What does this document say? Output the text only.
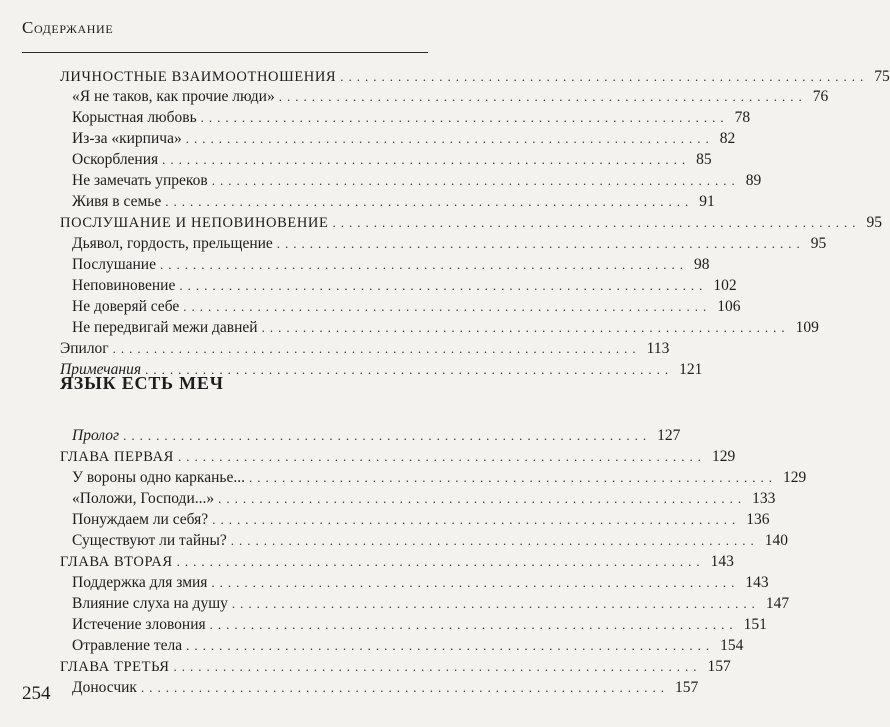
Содержание
ЛИЧНОСТНЫЕ ВЗАИМООТНОШЕНИЯ ................................................................ 75
«Я не таков, как прочие люди» ................................................................ 76
Корыстная любовь ................................................................ 78
Из-за «кирпича» ................................................................ 82
Оскорбления ................................................................ 85
Не замечать упреков ................................................................ 89
Живя в семье ................................................................ 91
ПОСЛУШАНИЕ И НЕПОВИНОВЕНИЕ ................................................................ 95
Дьявол, гордость, прельщение ................................................................ 95
Послушание ................................................................ 98
Неповиновение ................................................................ 102
Не доверяй себе ................................................................ 106
Не передвигай межи давней ................................................................ 109
Эпилог ................................................................ 113
Примечания ................................................................ 121
ЯЗЫК ЕСТЬ МЕЧ
Пролог ................................................................ 127
ГЛАВА ПЕРВАЯ ................................................................ 129
У вороны одно карканье... ................................................................ 129
«Положи, Господи...» ................................................................ 133
Понуждаем ли себя? ................................................................ 136
Существуют ли тайны? ................................................................ 140
ГЛАВА ВТОРАЯ ................................................................ 143
Поддержка для змия ................................................................ 143
Влияние слуха на душу ................................................................ 147
Истечение зловония ................................................................ 151
Отравление тела ................................................................ 154
ГЛАВА ТРЕТЬЯ ................................................................ 157
Доносчик ................................................................ 157
254
